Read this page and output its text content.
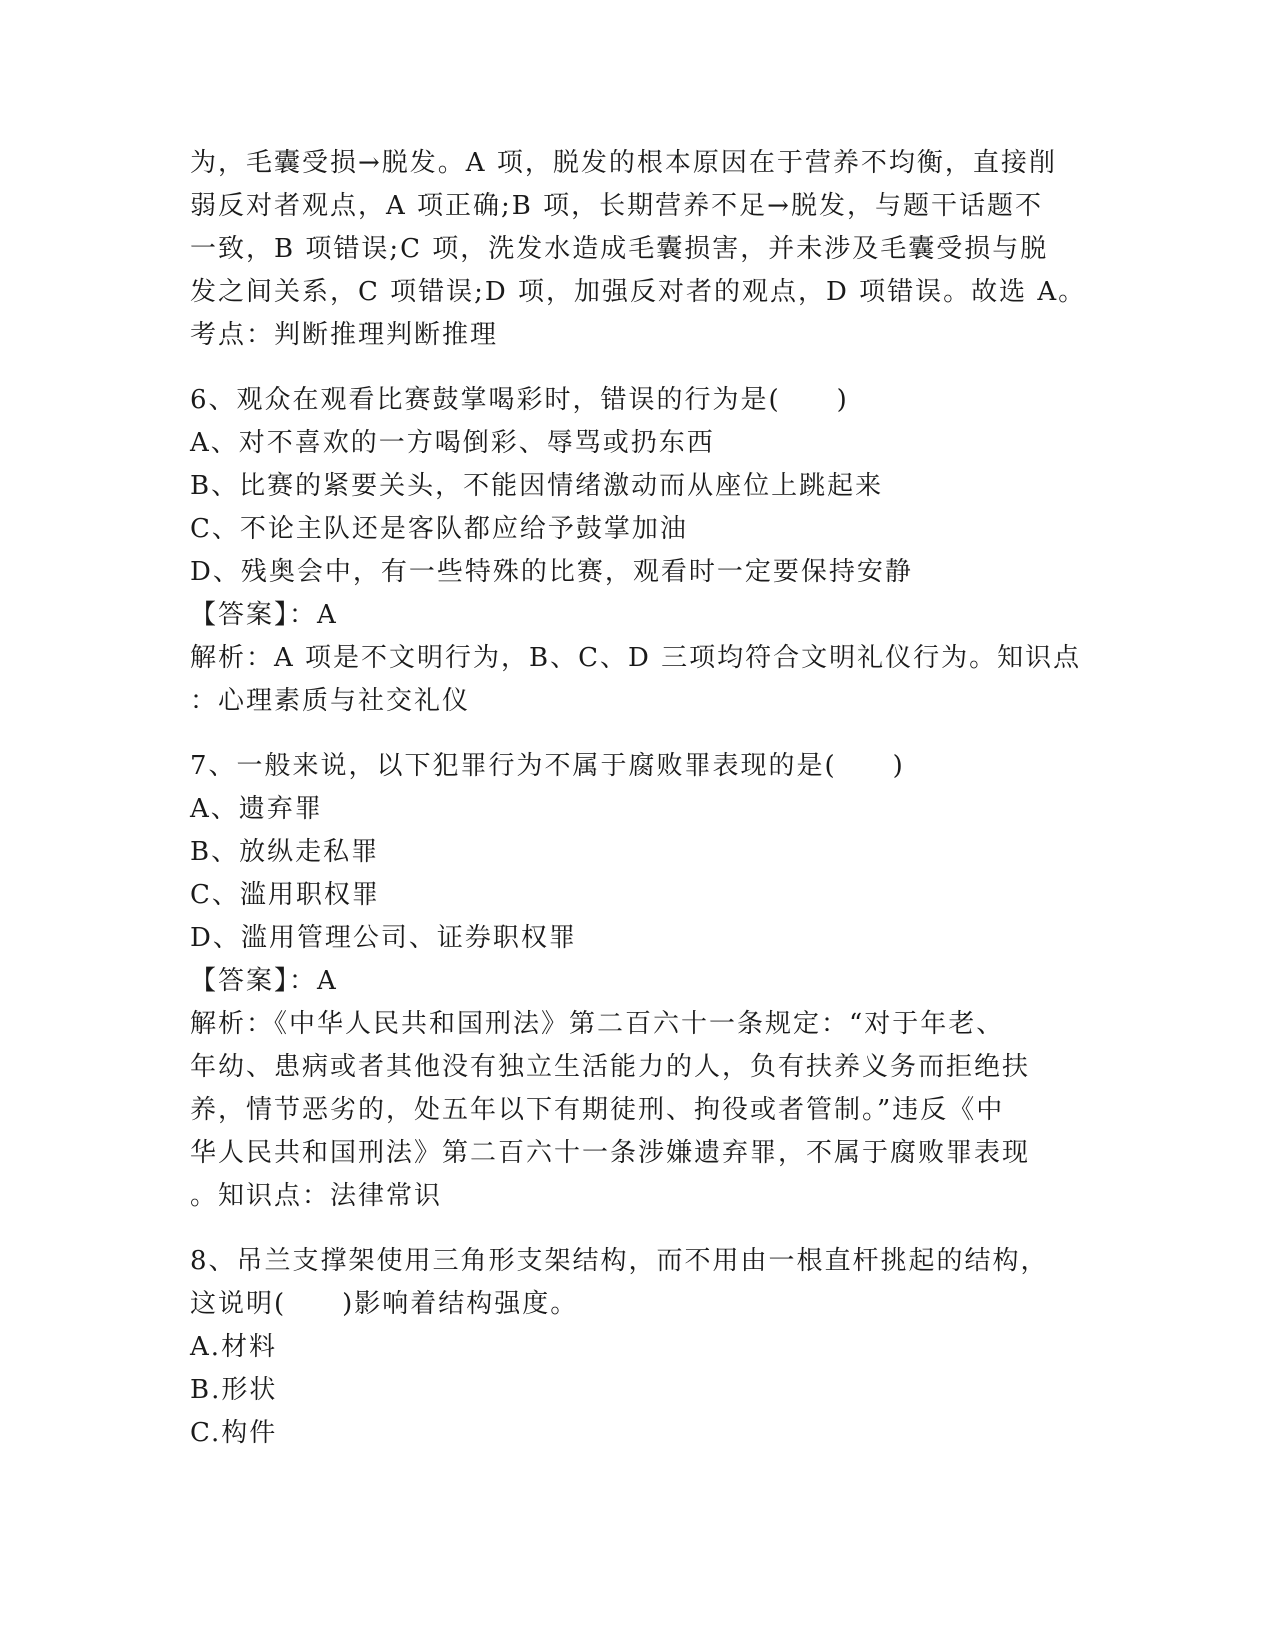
为，毛囊受损→脱发。A 项，脱发的根本原因在于营养不均衡，直接削
弱反对者观点，A 项正确;B 项，长期营养不足→脱发，与题干话题不
一致，B 项错误;C 项，洗发水造成毛囊损害，并未涉及毛囊受损与脱
发之间关系，C 项错误;D 项，加强反对者的观点，D 项错误。故选 A。
考点：判断推理判断推理
6、观众在观看比赛鼓掌喝彩时，错误的行为是(　　)
A、对不喜欢的一方喝倒彩、辱骂或扔东西
B、比赛的紧要关头，不能因情绪激动而从座位上跳起来
C、不论主队还是客队都应给予鼓掌加油
D、残奥会中，有一些特殊的比赛，观看时一定要保持安静
【答案】：A
解析：A 项是不文明行为，B、C、D 三项均符合文明礼仪行为。知识点
：心理素质与社交礼仪
7、一般来说，以下犯罪行为不属于腐败罪表现的是(　　)
A、遗弃罪
B、放纵走私罪
C、滥用职权罪
D、滥用管理公司、证券职权罪
【答案】：A
解析：《中华人民共和国刑法》第二百六十一条规定：“对于年老、
年幼、患病或者其他没有独立生活能力的人，负有扶养义务而拒绝扶
养，情节恶劣的，处五年以下有期徒刑、拘役或者管制。”违反《中
华人民共和国刑法》第二百六十一条涉嫌遗弃罪，不属于腐败罪表现
。知识点：法律常识
8、吊兰支撑架使用三角形支架结构，而不用由一根直杆挑起的结构，
这说明(　　)影响着结构强度。
A.材料
B.形状
C.构件
